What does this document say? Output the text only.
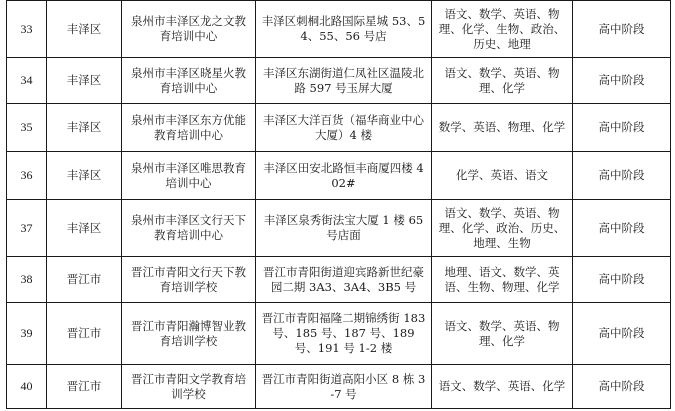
33	丰泽区	泉州市丰泽区龙之文教育培训中心	丰泽区刺桐北路国际星城 53、54、55、56 号店	语文、数学、英语、物理、化学、生物、政治、历史、地理	高中阶段
34	丰泽区	泉州市丰泽区晓星火教育培训中心	丰泽区东湖街道仁凤社区温陵北路 597 号玉屏大厦	语文、数学、英语、物理、化学	高中阶段
35	丰泽区	泉州市丰泽区东方优能教育培训中心	丰泽区大洋百货（福华商业中心大厦）4 楼	数学、英语、物理、化学	高中阶段
36	丰泽区	泉州市丰泽区唯思教育培训中心	丰泽区田安北路恒丰商厦四楼 402#	化学、英语、语文	高中阶段
37	丰泽区	泉州市丰泽区文行天下教育培训中心	丰泽区泉秀街法宝大厦 1 楼 65 号店面	语文、数学、英语、物理、化学、政治、历史、地理、生物	高中阶段
38	晋江市	晋江市青阳文行天下教育培训学校	晋江市青阳街道迎宾路新世纪豪园二期 3A3、3A4、3B5 号	地理、语文、数学、英语、生物、物理、化学	高中阶段
39	晋江市	晋江市青阳瀚博智业教育培训学校	晋江市青阳福隆二期锦绣街 183 号、185 号、187 号、189 号、191 号 1-2 楼	语文、数学、英语、物理、化学	高中阶段
40	晋江市	晋江市青阳文学教育培训学校	晋江市青阳街道高阳小区 8 栋 3-7 号	语文、数学、英语、化学	高中阶段
